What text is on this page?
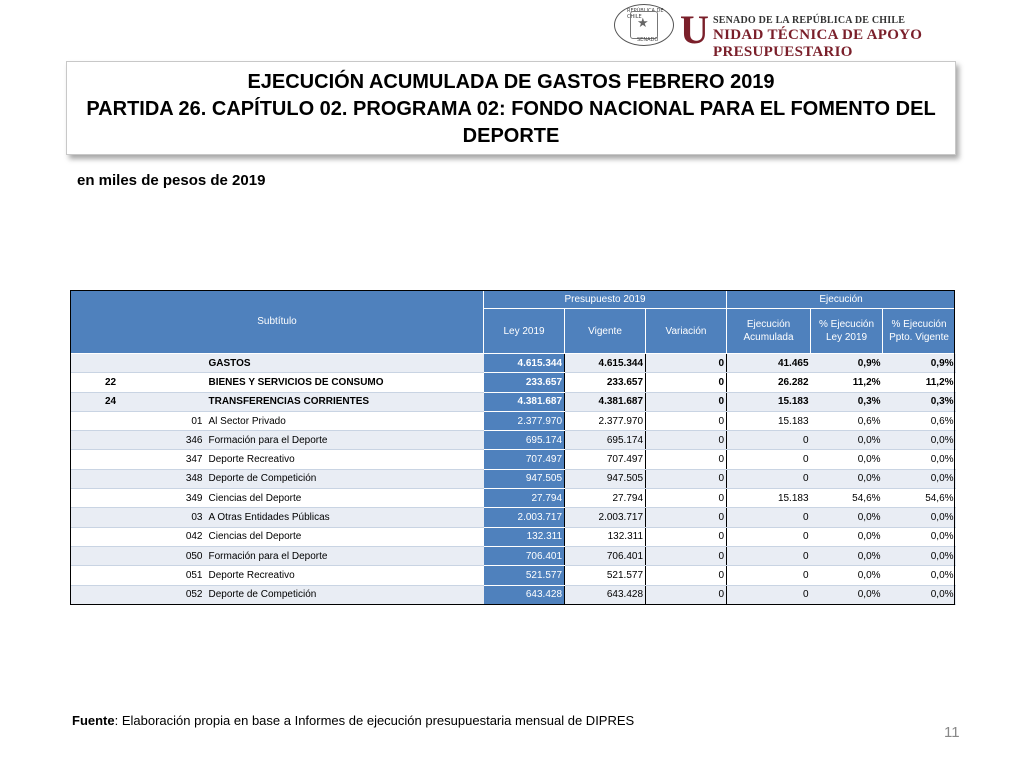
REPÚBLICA DE CHILE
★
SENADO U SENADO DE LA REPÚBLICA DE CHILE
NIDAD TÉCNICA DE APOYO PRESUPUESTARIO
EJECUCIÓN ACUMULADA DE GASTOS FEBRERO 2019
PARTIDA 26. CAPÍTULO 02. PROGRAMA 02: FONDO NACIONAL PARA EL FOMENTO DEL
DEPORTE
en miles de pesos de 2019
Subtítulo			Presupuesto 2019			Ejecución		
			Ley 2019	Vigente	Variación	Ejecución Acumulada	% Ejecución Ley 2019	% Ejecución Ppto. Vigente
		GASTOS	4.615.344	4.615.344	0	41.465	0,9%	0,9%
22		BIENES Y SERVICIOS DE CONSUMO	233.657	233.657	0	26.282	11,2%	11,2%
24		TRANSFERENCIAS CORRIENTES	4.381.687	4.381.687	0	15.183	0,3%	0,3%
	01	Al Sector Privado	2.377.970	2.377.970	0	15.183	0,6%	0,6%
	346	Formación para el Deporte	695.174	695.174	0	0	0,0%	0,0%
	347	Deporte Recreativo	707.497	707.497	0	0	0,0%	0,0%
	348	Deporte de Competición	947.505	947.505	0	0	0,0%	0,0%
	349	Ciencias del Deporte	27.794	27.794	0	15.183	54,6%	54,6%
	03	A Otras Entidades Públicas	2.003.717	2.003.717	0	0	0,0%	0,0%
	042	Ciencias del Deporte	132.311	132.311	0	0	0,0%	0,0%
	050	Formación para el Deporte	706.401	706.401	0	0	0,0%	0,0%
	051	Deporte Recreativo	521.577	521.577	0	0	0,0%	0,0%
	052	Deporte de Competición	643.428	643.428	0	0	0,0%	0,0%
Fuente: Elaboración propia en base a Informes de ejecución presupuestaria mensual de DIPRES
11
